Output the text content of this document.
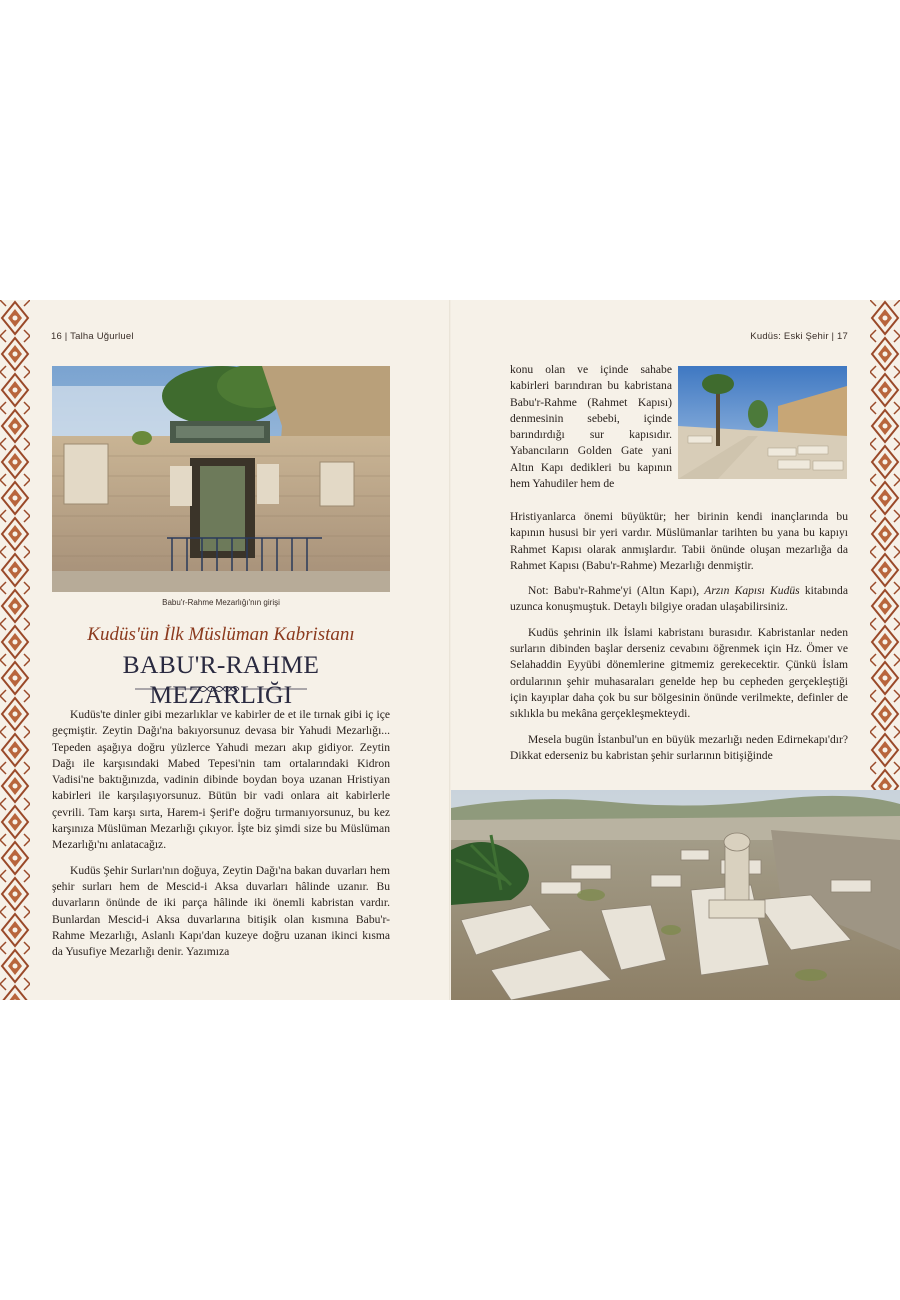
16 | Talha Uğurluel
Babu'r-Rahme Mezarlığı'nın girişi
Kudüs'ün İlk Müslüman Kabristanı
BABU'R-RAHME MEZARLIĞI

Kudüs'te dinler gibi mezarlıklar ve kabirler de et ile tırnak gibi iç içe geçmiştir. Zeytin Dağı'na bakıyorsunuz devasa bir Yahudi Mezarlığı... Tepeden aşağıya doğru yüzlerce Yahudi mezarı akıp gidiyor. Zeytin Dağı ile karşısındaki Mabed Tepesi'nin tam ortalarındaki Kidron Vadisi'ne baktığınızda, vadinin dibinde boydan boya uzanan Hristiyan kabirleri ile karşılaşıyorsunuz. Bütün bir vadi onlara ait kabirlerle çevrili. Tam karşı sırta, Harem-i Şerif'e doğru tırmanıyorsunuz, bu kez karşınıza Müslüman Mezarlığı çıkıyor. İşte biz şimdi size bu Müslüman Mezarlığı'nı anlatacağız.

Kudüs Şehir Surları'nın doğuya, Zeytin Dağı'na bakan duvarları hem şehir surları hem de Mescid-i Aksa duvarları hâlinde uzanır. Bu duvarların önünde de iki parça hâlinde iki önemli kabristan vardır. Bunlardan Mescid-i Aksa duvarlarına bitişik olan kısmına Babu'r-Rahme Mezarlığı, Aslanlı Kapı'dan kuzeye doğru uzanan ikinci kısma da Yusufiye Mezarlığı denir. Yazımıza

Kudüs: Eski Şehir | 17

konu olan ve içinde sahabe kabirleri barındıran bu kabristana Babu'r-Rahme (Rahmet Kapısı) denmesinin sebebi, içinde barındırdığı sur kapısıdır. Yabancıların Golden Gate yani Altın Kapı dedikleri bu kapının hem Yahudiler hem de

Hristiyanlarca önemi büyüktür; her birinin kendi inançlarında bu kapının hususi bir yeri vardır. Müslümanlar tarihten bu yana bu kapıyı Rahmet Kapısı olarak anmışlardır. Tabii önünde oluşan mezarlığa da Rahmet Kapısı (Babu'r-Rahme) Mezarlığı denmiştir.

Not: Babu'r-Rahme'yi (Altın Kapı), Arzın Kapısı Kudüs kitabında uzunca konuşmuştuk. Detaylı bilgiye oradan ulaşabilirsiniz.

Kudüs şehrinin ilk İslami kabristanı burasıdır. Kabristanlar neden surların dibinden başlar derseniz cevabını öğrenmek için Hz. Ömer ve Selahaddin Eyyübi dönemlerine gitmemiz gerekecektir. Çünkü İslam ordularının şehir muhasaraları genelde hep bu cepheden gerçekleştiği için kayıplar daha çok bu sur bölgesinin önünde verilmekte, definler de sıklıkla bu mekâna gerçekleşmekteydi.

Mesela bugün İstanbul'un en büyük mezarlığı neden Edirnekapı'dır? Dikkat ederseniz bu kabristan şehir surlarının bitişiğinde
